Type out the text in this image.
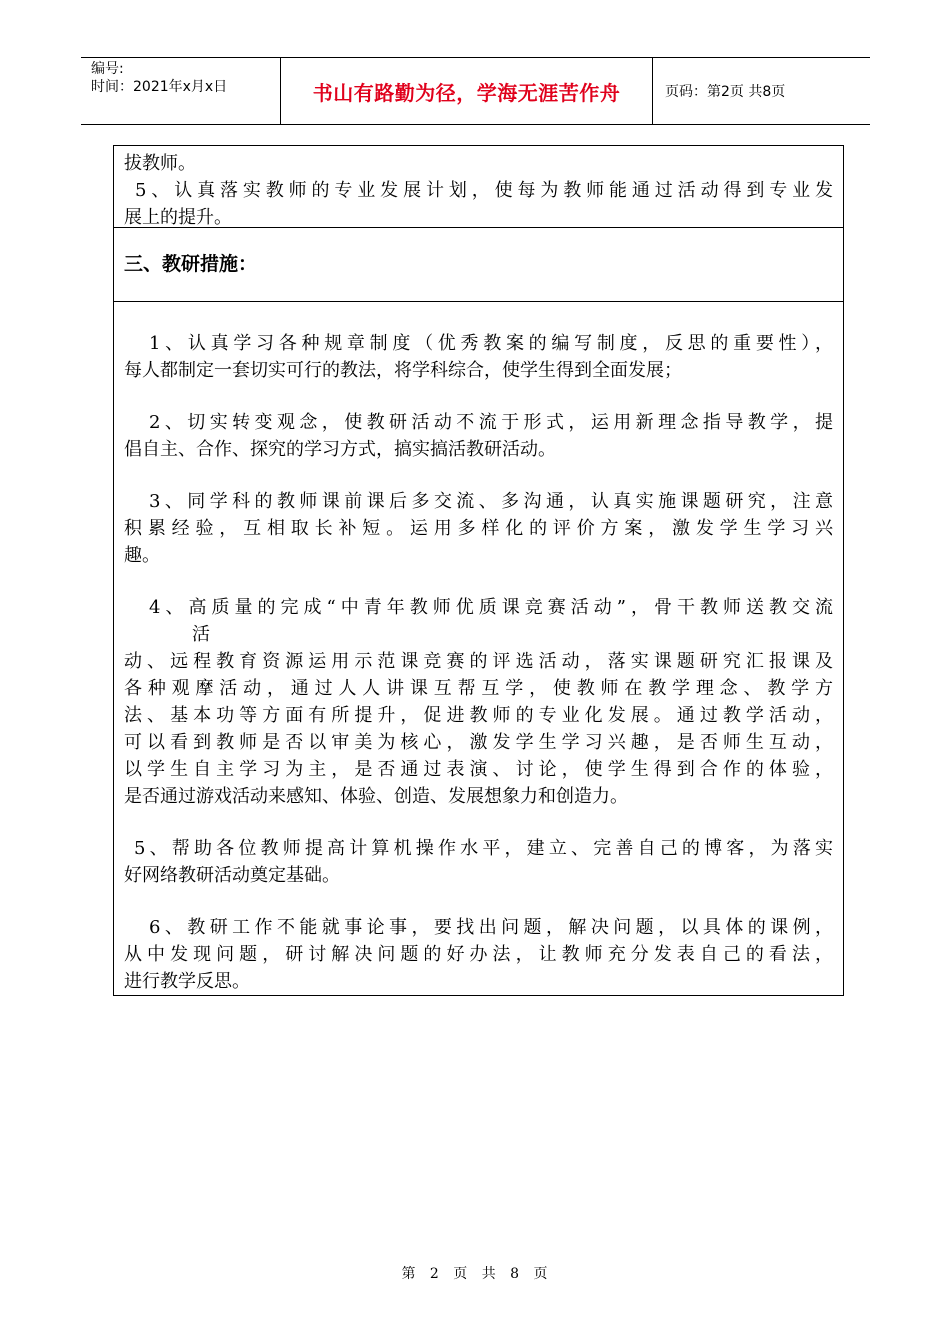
编号:
时间：2021年x月x日	书山有路勤为径，学海无涯苦作舟	页码：第2页 共8页

拔教师。

5、认真落实教师的专业发展计划，使每为教师能通过活动得到专业发

展上的提升。

三、教研措施：

1、认真学习各种规章制度（优秀教案的编写制度，反思的重要性），

每人都制定一套切实可行的教法，将学科综合，使学生得到全面发展；

2、切实转变观念，使教研活动不流于形式，运用新理念指导教学，提

倡自主、合作、探究的学习方式，搞实搞活教研活动。

3、同学科的教师课前课后多交流、多沟通，认真实施课题研究，注意

积累经验，互相取长补短。运用多样化的评价方案，激发学生学习兴

趣。

4、高质量的完成“中青年教师优质课竞赛活动”，骨干教师送教交流

活

动、远程教育资源运用示范课竞赛的评选活动，落实课题研究汇报课及

各种观摩活动，通过人人讲课互帮互学，使教师在教学理念、教学方

法、基本功等方面有所提升，促进教师的专业化发展。通过教学活动，

可以看到教师是否以审美为核心，激发学生学习兴趣，是否师生互动，

以学生自主学习为主，是否通过表演、讨论，使学生得到合作的体验，

是否通过游戏活动来感知、体验、创造、发展想象力和创造力。

5、帮助各位教师提高计算机操作水平，建立、完善自己的博客，为落实

好网络教研活动奠定基础。

6、教研工作不能就事论事，要找出问题，解决问题，以具体的课例，

从中发现问题，研讨解决问题的好办法，让教师充分发表自己的看法，

进行教学反思。

第 2 页 共 8 页
